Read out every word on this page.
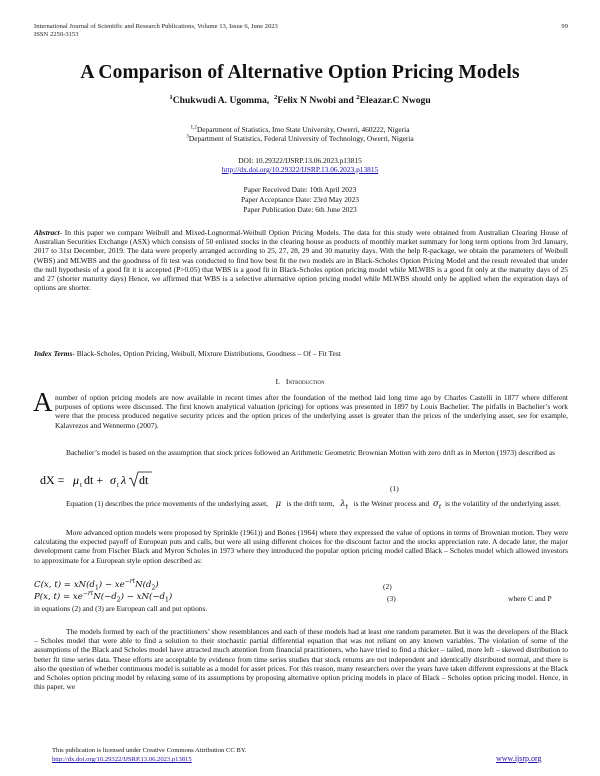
International Journal of Scientific and Research Publications, Volume 13, Issue 6, June 2023
ISSN 2250-3153
99
A Comparison of Alternative Option Pricing Models
$^1$Chukwudi A. Ugomma, $^2$Felix N Nwobi and $^2$Eleazar.C Nwogu
$^{1,2}$Department of Statistics, Imo State University, Owerri, 460222, Nigeria
$^3$Department of Statistics, Federal University of Technology, Owerri, Nigeria
DOI: 10.29322/IJSRP.13.06.2023.p13815
http://dx.doi.org/10.29322/IJSRP.13.06.2023.p13815
Paper Received Date: 10th April 2023
Paper Acceptance Date: 23rd May 2023
Paper Publication Date: 6th June 2023
Abstract- In this paper we compare Weibull and Mixed-Lognormal-Weibull Option Pricing Models. The data for this study were obtained from Australian Clearing House of Australian Securities Exchange (ASX) which consists of 50 enlisted stocks in the clearing house as products of monthly market summary for long term options from 3rd January, 2017 to 31st December, 2019. The data were properly arranged according to 25, 27, 28, 29 and 30 maturity days. With the help R-package, we obtain the parameters of Weibull (WBS) and MLWBS and the goodness of fit test was conducted to find how best fit the two models are in Black-Scholes Option Pricing Model and the result revealed that under the null hypothesis of a good fit it is accepted (P>0.05) that WBS is a good fit in Black-Scholes option pricing model while MLWBS is a good fit only at the maturity days of 25 and 27 (shorter maturity days) Hence, we affirmed that WBS is a selective alternative option pricing model while MLWBS should only be applied when the expiration days of options are shorter.
Index Terms- Black-Scholes, Option Pricing, Weibull, Mixture Distributions, Goodness – Of – Fit Test
I. Introduction
A number of option pricing models are now available in recent times after the foundation of the method laid long time ago by Charles Castelli in 1877 where different purposes of options were discussed. The first known analytical valuation (pricing) for options was presented in 1897 by Louis Bachelier. The pitfalls in Bachelier’s work were that the process produced negative security prices and the option prices of the underlying asset is greater than the prices of the underlying asset, see for example, Kalavrezos and Wennermo (2007).
Bachelier’s model is based on the assumption that stock prices followed an Arithmetic Geometric Brownian Motion with zero drift as in Merton (1973) described as
dX = μ t dt + σ t λ dt
(1)
Equation (1) describes the price movements of the underlying asset, μ is the drift term, $\lambda_t$ is the Weiner process and $\sigma_t$ is the volatility of the underlying asset.
More advanced option models were proposed by Sprinkle (1961)) and Bones (1964) where they expressed the value of options in terms of Brownian motion. They were calculating the expected payoff of European puts and calls, but were all using different choices for the discount factor and the stocks appreciation rate. A decade later, the major development came from Fischer Black and Myron Scholes in 1973 where they introduced the popular option pricing model called Black – Scholes model which allowed investors to approximate for a European style option described as:
C(x, $t) = xN(d_1) - xe^{-rt}N(d_2)$	(2)
P(x, $t) = xe^{-rt}N(-d_2) - xN(-d_1)$	(3)	where C and P
in equations (2) and (3) are European call and put options.
The models formed by each of the practitioners’ show resemblances and each of these models had at least one random parameter. But it was the developers of the Black – Scholes model that were able to find a solution to their stochastic partial differential equation that was not reliant on any known variables. The violation of some of the assumptions of the Black and Scholes model have attracted much attention from financial practitioners, who have tried to find a thicker – tailed, more left – skewed distribution to better fit time series data. These efforts are acceptable by evidence from time series studies that stock returns are not independent and identically distributed normal, and there is also the question of whether continuous model is suitable as a model for asset prices. For this reason, many researchers over the years have taken different expressions at the Black and Scholes option pricing model by relaxing some of its assumptions by proposing alternative option pricing models in place of Black – Scholes option pricing model. Hence, in this paper, we
This publication is licensed under Creative Commons Attribution CC BY.
http://dx.doi.org/10.29322/IJSRP.13.06.2023.p13815	www.ijsrp.org
